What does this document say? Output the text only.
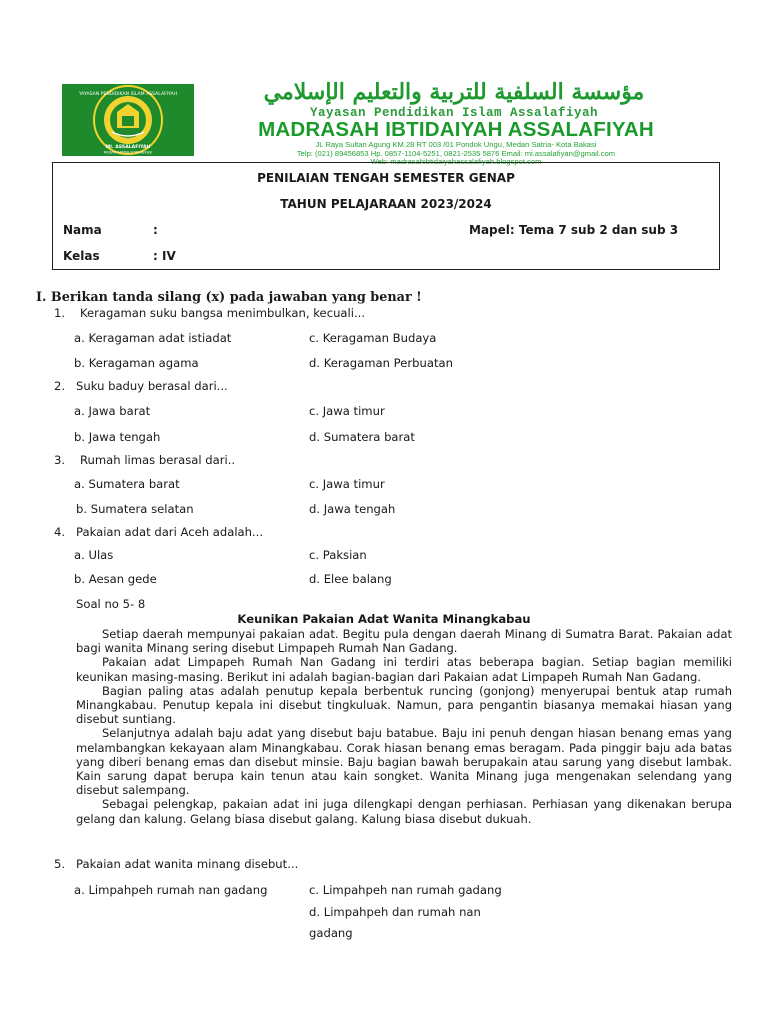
YAYASAN PENDIDIKAN ISLAM ASSALAFIYAH
MI. ASSALAFIYAH
MEDAN SATRIA KOTA BEKASI
مؤسسة السلفية للتربية والتعليم الإسلامي
Yayasan Pendidikan Islam Assalafiyah
MADRASAH IBTIDAIYAH ASSALAFIYAH
JL Raya Sultan Agung KM.28 RT 003 /01 Pondok Ungu, Medan Satria- Kota Bakasi
Telp: (021) 89456853 Hp. 0857-1104-5251, 0821-2535 5876 Email: mi.assalafiyan@gmail.com
Web: madrasahibtidaiyahassalafiyah.blogspot.com
PENILAIAN TENGAH SEMESTER GENAP
TAHUN PELAJARAAN 2023/2024
Nama	:	Mapel: Tema 7 sub 2 dan sub 3
Kelas	: IV
I. Berikan tanda silang (x) pada jawaban yang benar !
1. Keragaman suku bangsa menimbulkan, kecuali...
a. Keragaman adat istiadat	c. Keragaman Budaya
b. Keragaman agama	d. Keragaman Perbuatan
2. Suku baduy berasal dari...
a. Jawa barat	c. Jawa timur
b. Jawa tengah	d. Sumatera barat
3. Rumah limas berasal dari..
a. Sumatera barat	c. Jawa timur
b. Sumatera selatan	d. Jawa tengah
4. Pakaian adat dari Aceh adalah...
a. Ulas	c. Paksian
b. Aesan gede	d. Elee balang
Soal no 5- 8
Keunikan Pakaian Adat Wanita Minangkabau

Setiap daerah mempunyai pakaian adat. Begitu pula dengan daerah Minang di Sumatra Barat. Pakaian adat bagi wanita Minang sering disebut Limpapeh Rumah Nan Gadang.

Pakaian adat Limpapeh Rumah Nan Gadang ini terdiri atas beberapa bagian. Setiap bagian memiliki keunikan masing-masing. Berikut ini adalah bagian-bagian dari Pakaian adat Limpapeh Rumah Nan Gadang.

Bagian paling atas adalah penutup kepala berbentuk runcing (gonjong) menyerupai bentuk atap rumah Minangkabau. Penutup kepala ini disebut tingkuluak. Namun, para pengantin biasanya memakai hiasan yang disebut suntiang.

Selanjutnya adalah baju adat yang disebut baju batabue. Baju ini penuh dengan hiasan benang emas yang melambangkan kekayaan alam Minangkabau. Corak hiasan benang emas beragam. Pada pinggir baju ada batas yang diberi benang emas dan disebut minsie. Baju bagian bawah berupakain atau sarung yang disebut lambak. Kain sarung dapat berupa kain tenun atau kain songket. Wanita Minang juga mengenakan selendang yang disebut salempang.

Sebagai pelengkap, pakaian adat ini juga dilengkapi dengan perhiasan. Perhiasan yang dikenakan berupa gelang dan kalung. Gelang biasa disebut galang. Kalung biasa disebut dukuah.

5. Pakaian adat wanita minang disebut...
a. Limpahpeh rumah nan gadang	c. Limpahpeh nan rumah gadang
d. Limpahpeh dan rumah nan
gadang
